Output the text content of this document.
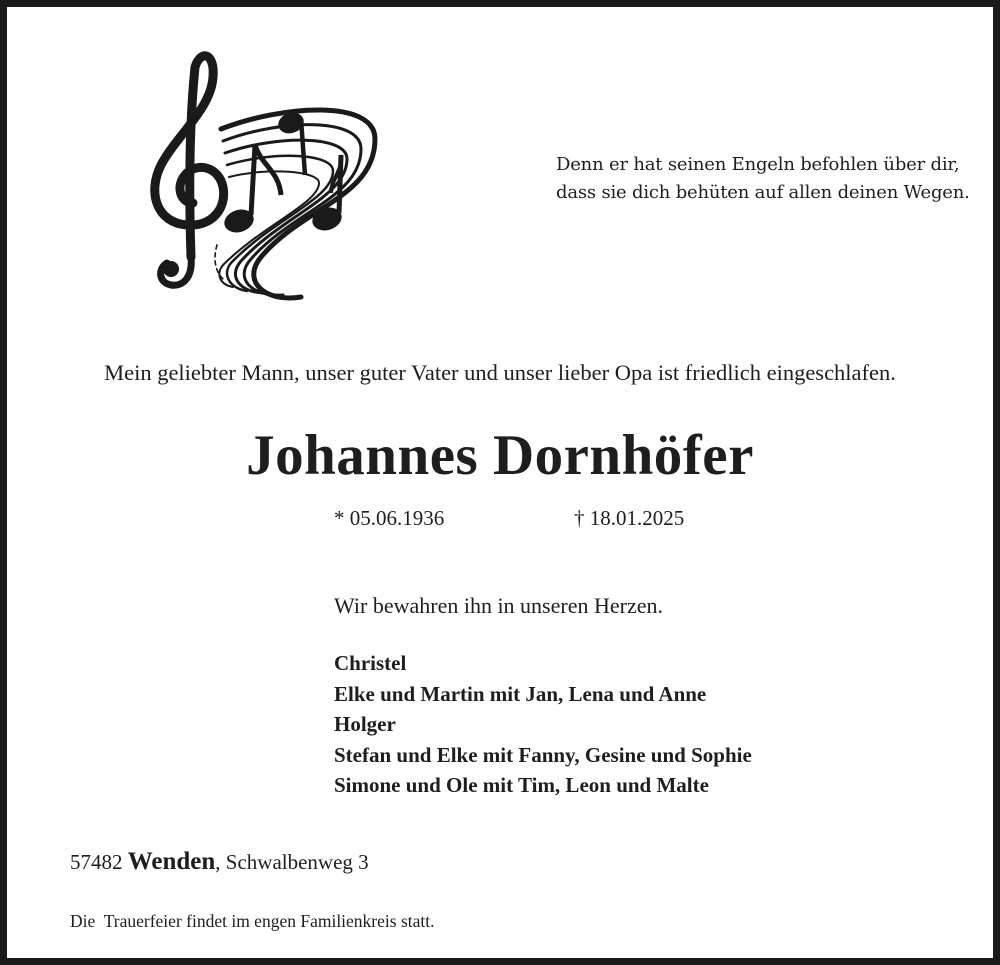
Denn er hat seinen Engeln befohlen über dir,
dass sie dich behüten auf allen deinen Wegen.
Mein geliebter Mann, unser guter Vater und unser lieber Opa ist friedlich eingeschlafen.
Johannes Dornhöfer
* 05.06.1936	† 18.01.2025
Wir bewahren ihn in unseren Herzen.
Christel
Elke und Martin mit Jan, Lena und Anne
Holger
Stefan und Elke mit Fanny, Gesine und Sophie
Simone und Ole mit Tim, Leon und Malte
57482 Wenden, Schwalbenweg 3
Die  Trauerfeier findet im engen Familienkreis statt.
